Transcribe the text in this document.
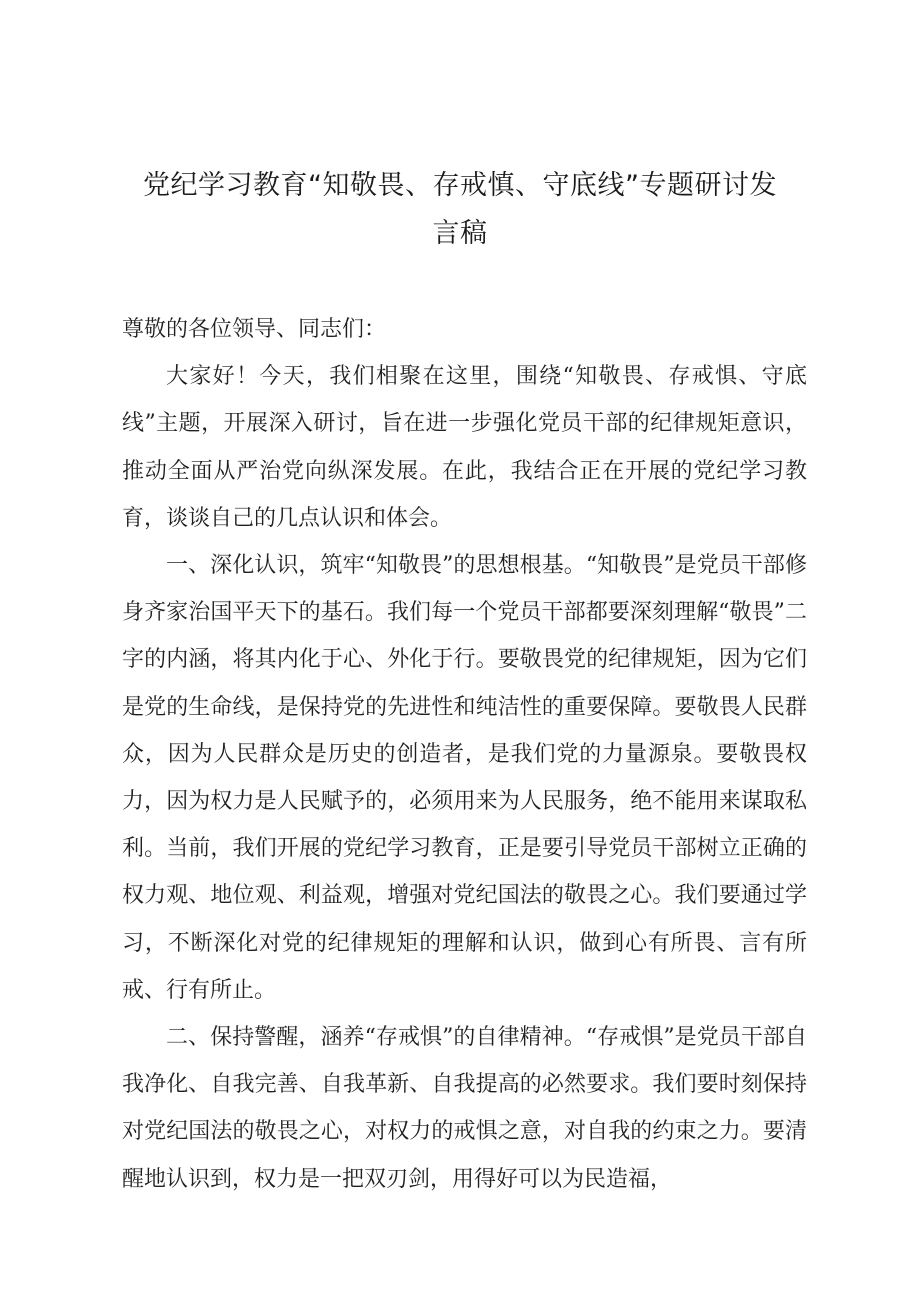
党纪学习教育“知敬畏、存戒慎、守底线”专题研讨发言稿

尊敬的各位领导、同志们：

大家好！今天，我们相聚在这里，围绕“知敬畏、存戒惧、守底线”主题，开展深入研讨，旨在进一步强化党员干部的纪律规矩意识，推动全面从严治党向纵深发展。在此，我结合正在开展的党纪学习教育，谈谈自己的几点认识和体会。

一、深化认识，筑牢“知敬畏”的思想根基。“知敬畏”是党员干部修身齐家治国平天下的基石。我们每一个党员干部都要深刻理解“敬畏”二字的内涵，将其内化于心、外化于行。要敬畏党的纪律规矩，因为它们是党的生命线，是保持党的先进性和纯洁性的重要保障。要敬畏人民群众，因为人民群众是历史的创造者，是我们党的力量源泉。要敬畏权力，因为权力是人民赋予的，必须用来为人民服务，绝不能用来谋取私利。当前，我们开展的党纪学习教育，正是要引导党员干部树立正确的权力观、地位观、利益观，增强对党纪国法的敬畏之心。我们要通过学习，不断深化对党的纪律规矩的理解和认识，做到心有所畏、言有所戒、行有所止。

二、保持警醒，涵养“存戒惧”的自律精神。“存戒惧”是党员干部自我净化、自我完善、自我革新、自我提高的必然要求。我们要时刻保持对党纪国法的敬畏之心，对权力的戒惧之意，对自我的约束之力。要清醒地认识到，权力是一把双刃剑，用得好可以为民造福，
